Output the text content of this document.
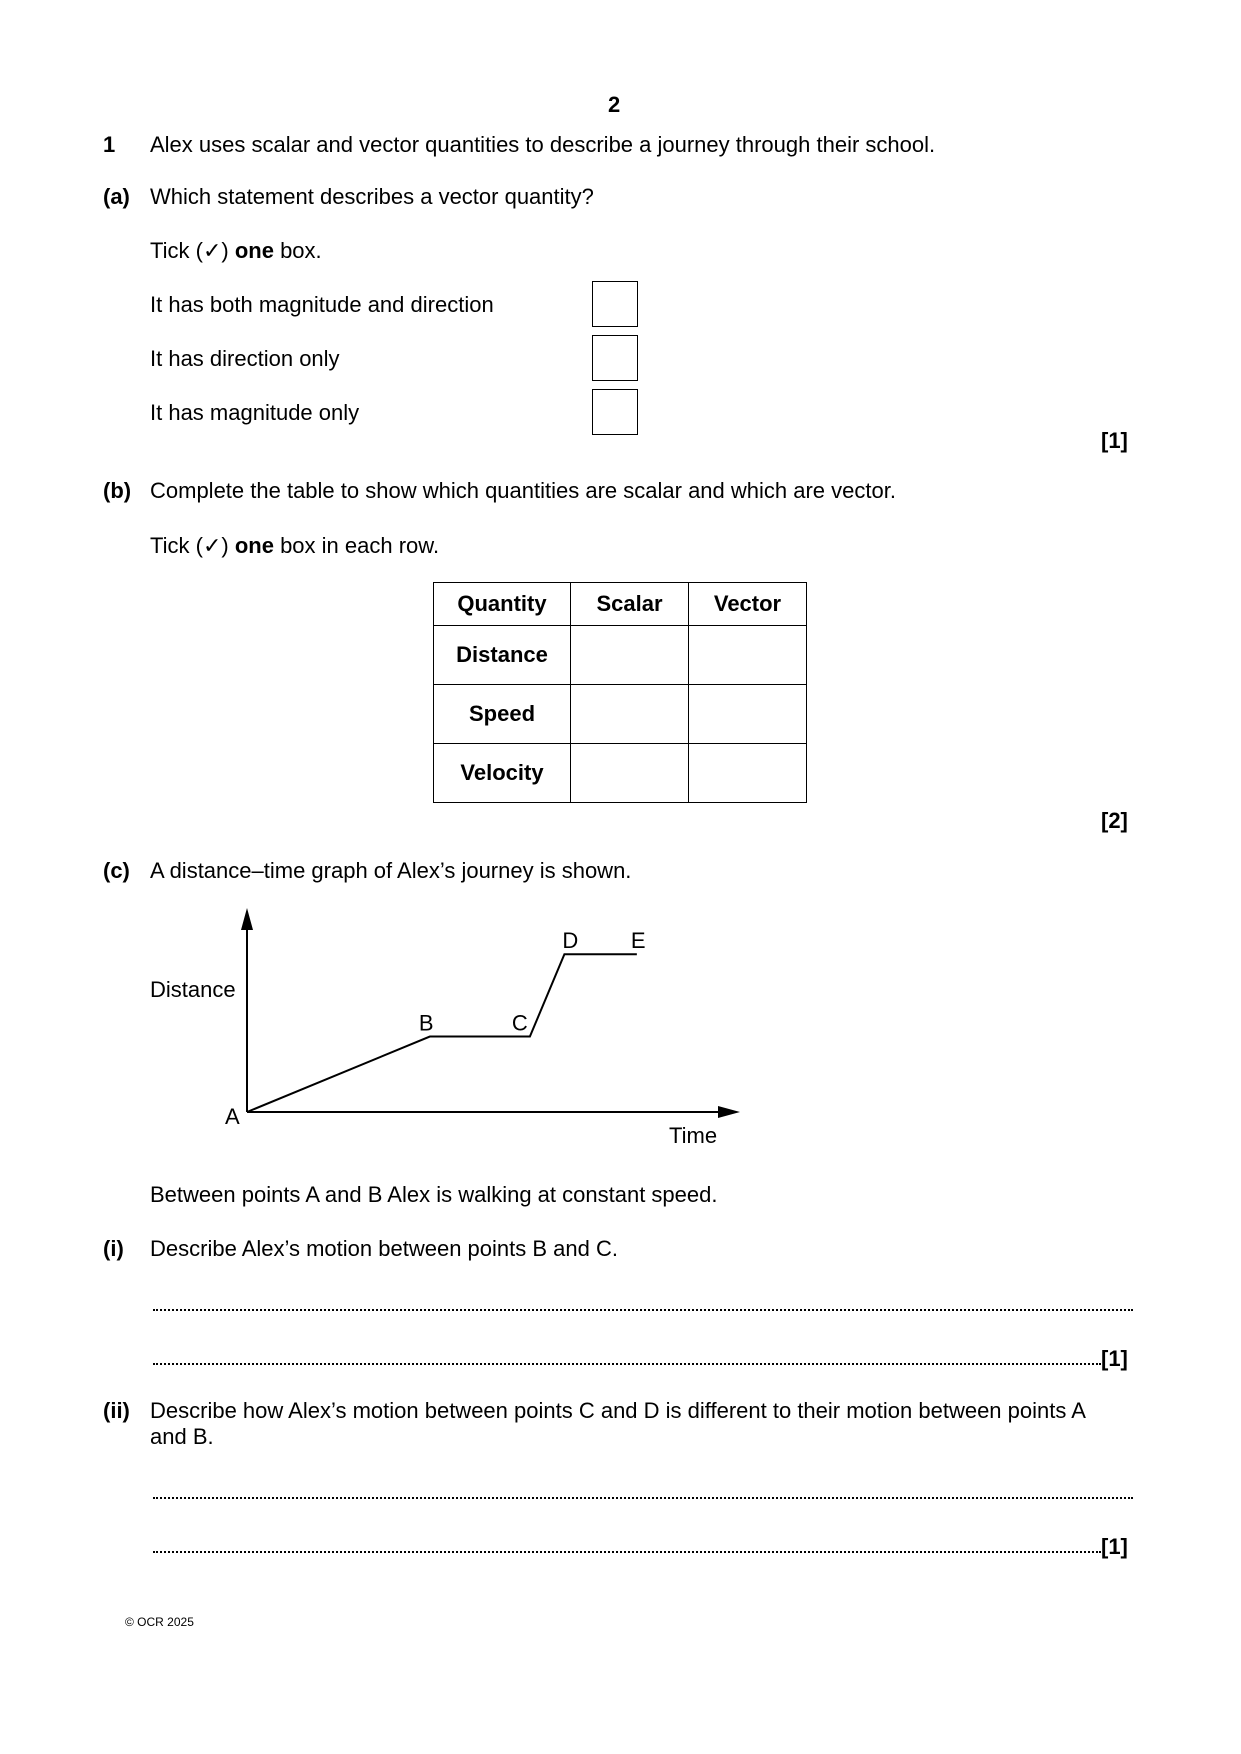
2
1 Alex uses scalar and vector quantities to describe a journey through their school.
(a) Which statement describes a vector quantity?
Tick (✓) one box.
It has both magnitude and direction
It has direction only
It has magnitude only
[1]
(b) Complete the table to show which quantities are scalar and which are vector.
Tick (✓) one box in each row.
Quantity	Scalar	Vector
Distance		
Speed		
Velocity		
[2]
(c) A distance–time graph of Alex’s journey is shown.
Distance
Time
A
B	C
D E
Between points A and B Alex is walking at constant speed.
(i) Describe Alex’s motion between points B and C.
[1]
(ii) Describe how Alex’s motion between points C and D is different to their motion between points A
and B.
[1]
© OCR 2025
